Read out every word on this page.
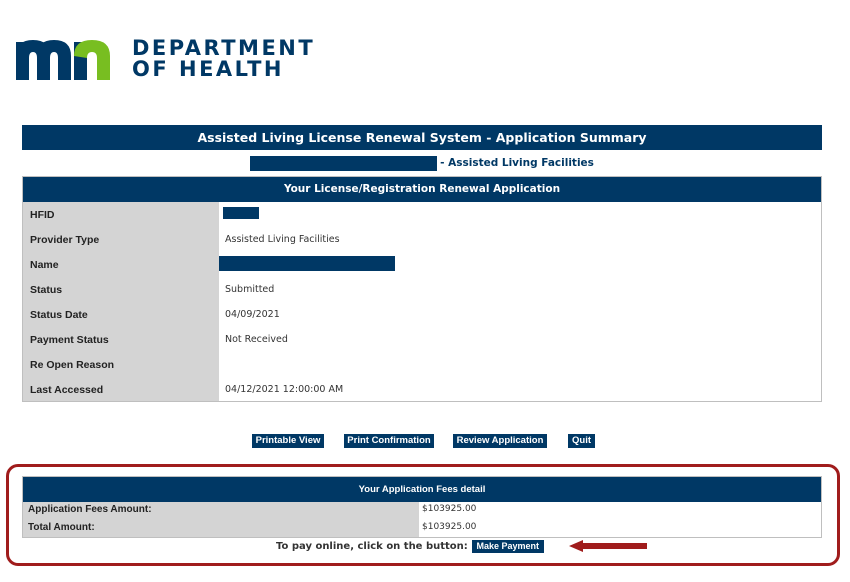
DEPARTMENT
OF HEALTH
Assisted Living License Renewal System - Application Summary
- Assisted Living Facilities
Your License/Registration Renewal Application
HFID
Provider Type	Assisted Living Facilities
Name
Status	Submitted
Status Date	04/09/2021
Payment Status	Not Received
Re Open Reason
Last Accessed	04/12/2021 12:00:00 AM
Printable View	Print Confirmation	Review Application	Quit
Your Application Fees detail
Application Fees Amount:	$103925.00
Total Amount:	$103925.00
To pay online, click on the button: Make Payment
